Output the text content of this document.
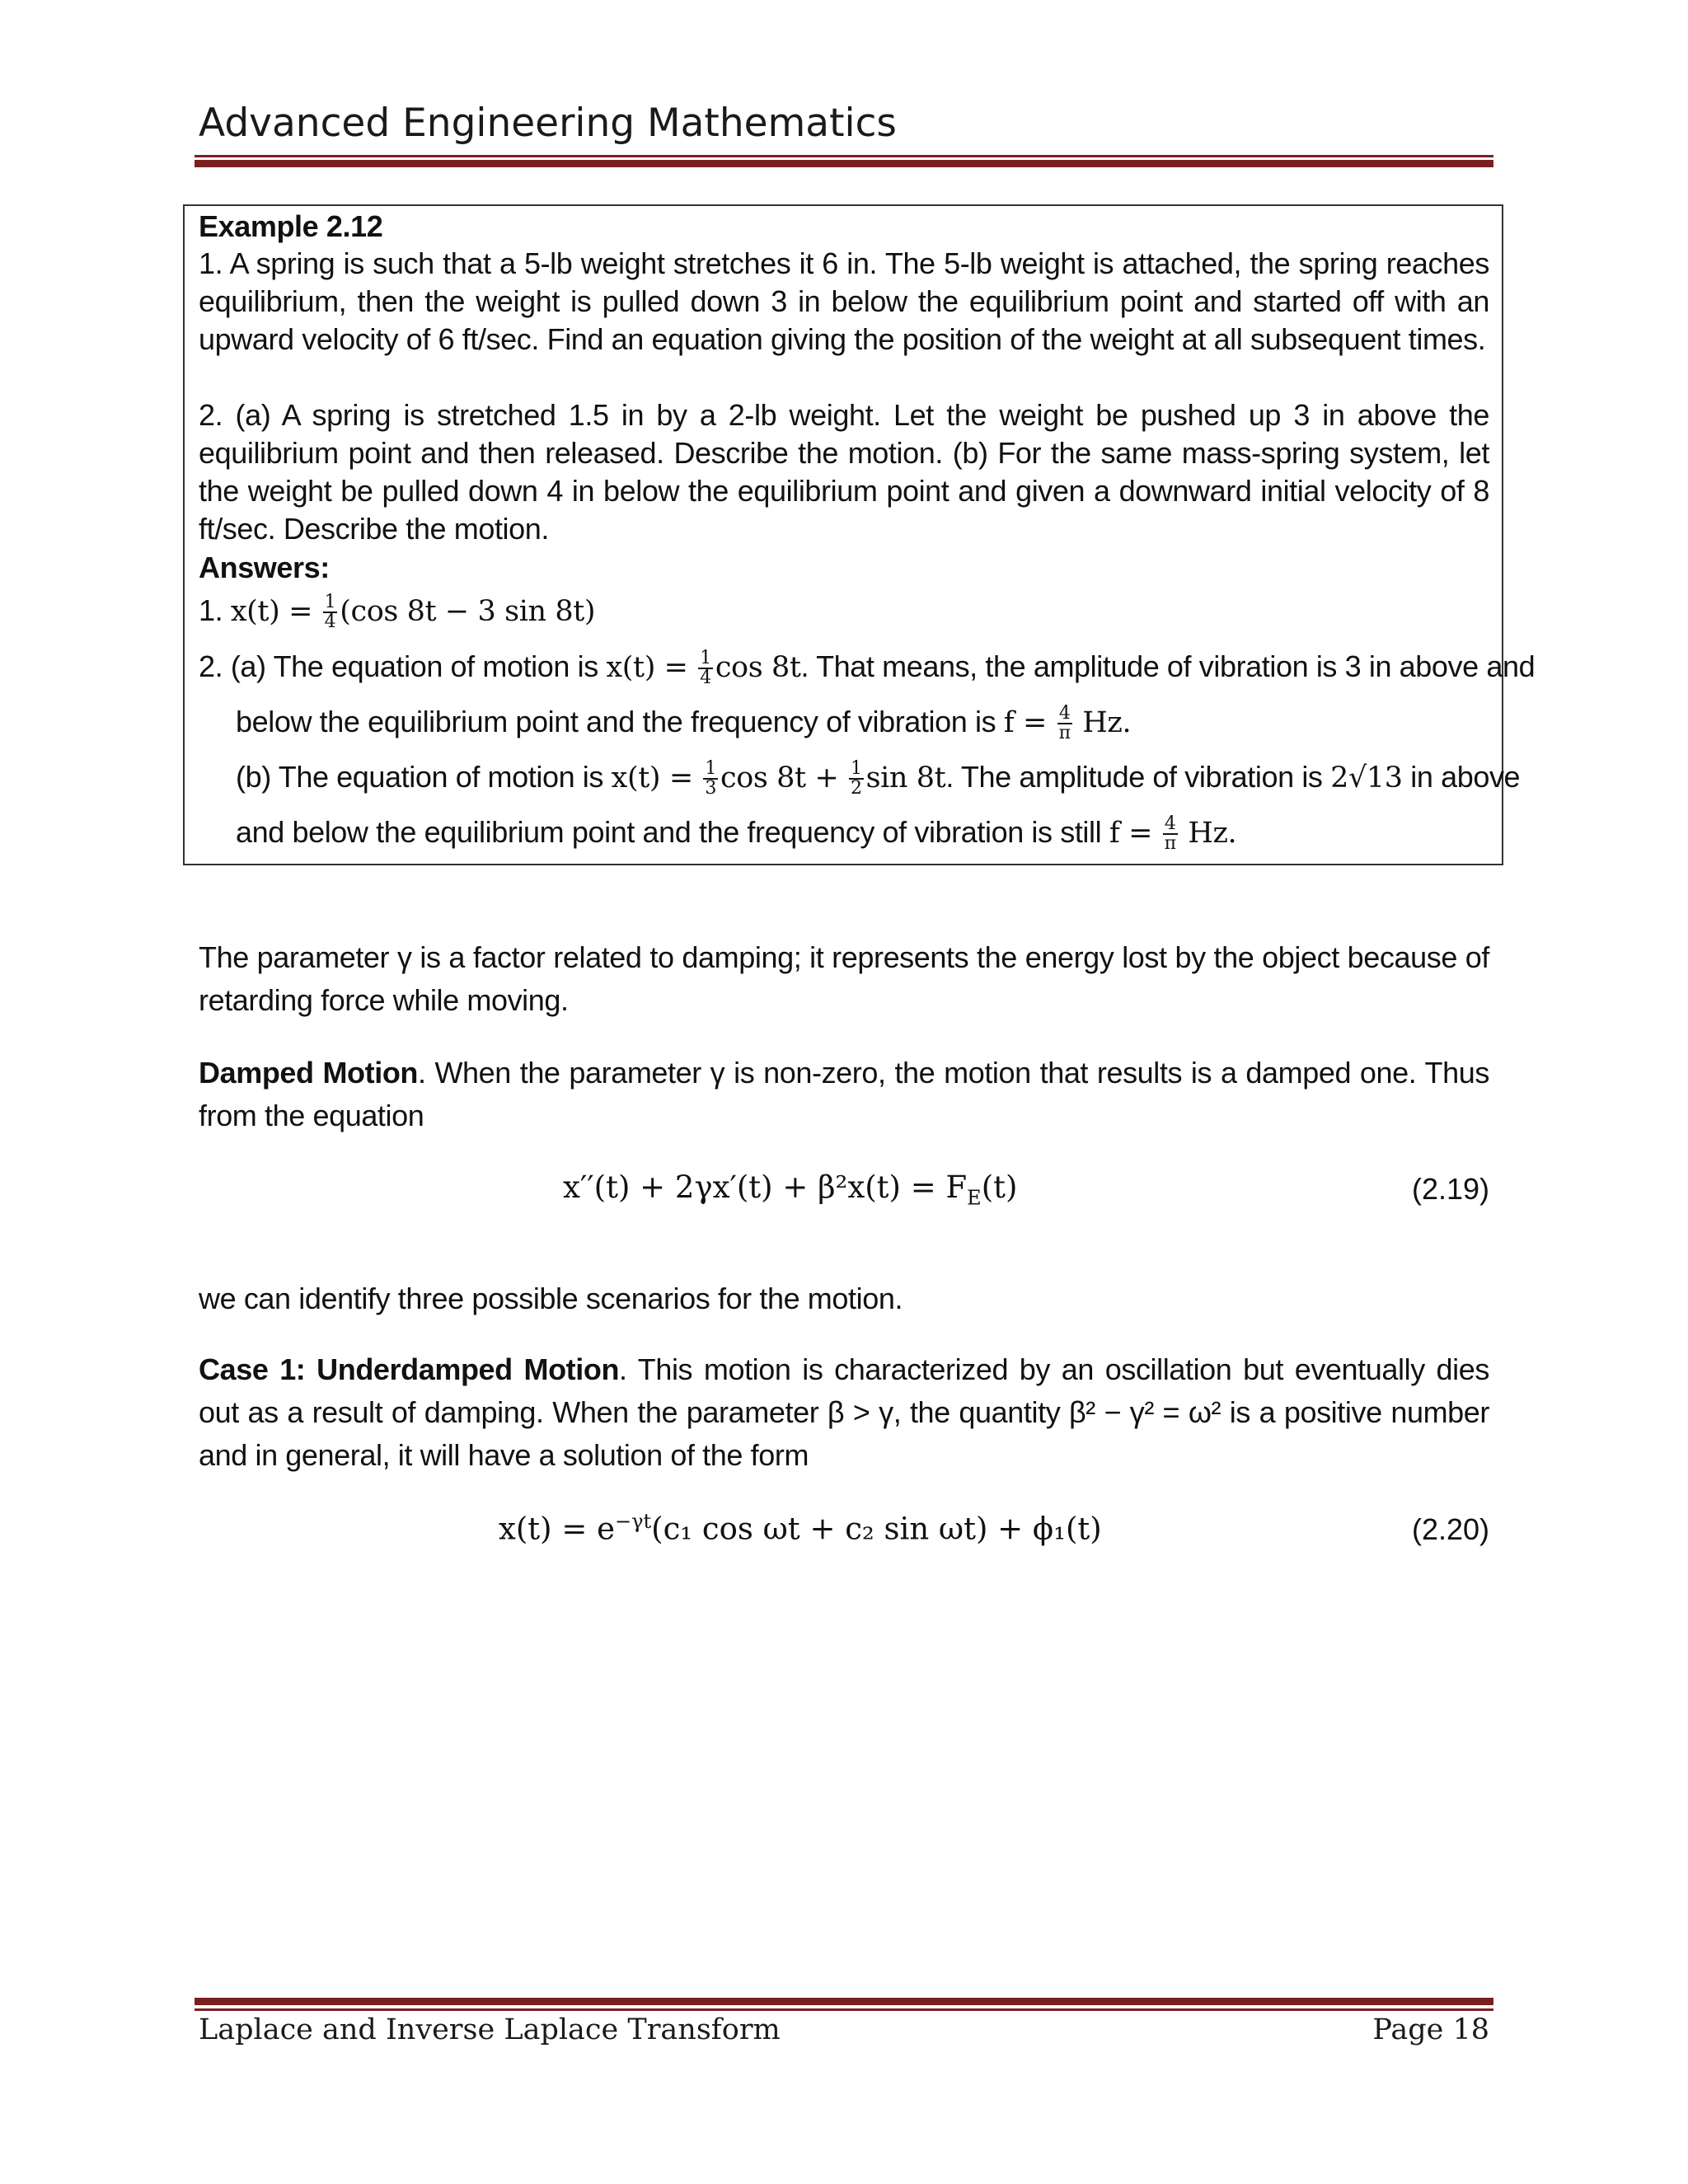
Advanced Engineering Mathematics
Example 2.12
1. A spring is such that a 5-lb weight stretches it 6 in. The 5-lb weight is attached, the spring reaches equilibrium, then the weight is pulled down 3 in below the equilibrium point and started off with an upward velocity of 6 ft/sec. Find an equation giving the position of the weight at all subsequent times.
2. (a) A spring is stretched 1.5 in by a 2-lb weight. Let the weight be pushed up 3 in above the equilibrium point and then released. Describe the motion. (b) For the same mass-spring system, let the weight be pulled down 4 in below the equilibrium point and given a downward initial velocity of 8 ft/sec. Describe the motion.
Answers:
1. $x(t) = \frac{1}{4} (\cos$ 8t − 3 sin 8t)
2. (a) The equation of motion is $x(t) = \frac{1}{4}$ cos 8t. That means, the amplitude of vibration is 3 in above and
below the equilibrium point and the frequency of vibration is $f = \frac{4}{\pi} Hz$.
(b) The equation of motion is $x(t) = \frac{1}{3}$ $\cos 8t + \frac{1}{2}$ sin 8t. The amplitude of vibration is 2√13 in above
and below the equilibrium point and the frequency of vibration is still $f = \frac{4}{\pi} Hz$.
The parameter γ is a factor related to damping; it represents the energy lost by the object because of retarding force while moving.
Damped Motion. When the parameter γ is non-zero, the motion that results is a damped one. Thus from the equation
$x''(t) + 2\gamma x'(t) + \beta^2x(t) = F_E(t)$	(2.19)
we can identify three possible scenarios for the motion.
Case 1: Underdamped Motion. This motion is characterized by an oscillation but eventually dies out as a result of damping. When the parameter β > γ, the quantity β² − γ² = ω² is a positive number and in general, it will have a solution of the form
$x(t) = e^{-\gamma t}(c_1$ cos ωt + c₂ sin ωt) + ϕ₁(t)	(2.20)
Laplace and Inverse Laplace Transform	Page 18
